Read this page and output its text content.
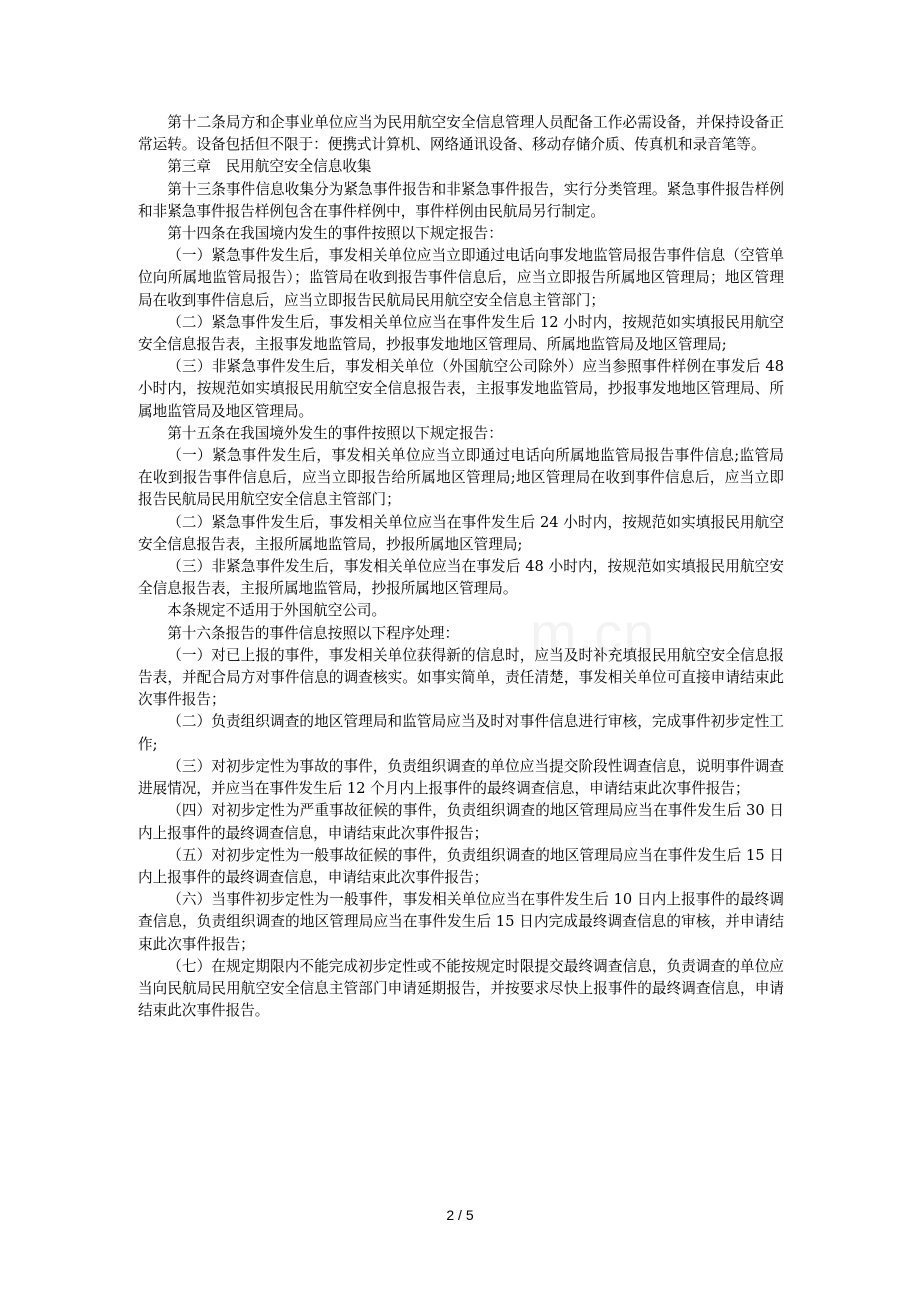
第十二条局方和企事业单位应当为民用航空安全信息管理人员配备工作必需设备，并保持设备正常运转。设备包括但不限于：便携式计算机、网络通讯设备、移动存储介质、传真机和录音笔等。

第三章　民用航空安全信息收集

第十三条事件信息收集分为紧急事件报告和非紧急事件报告，实行分类管理。紧急事件报告样例和非紧急事件报告样例包含在事件样例中，事件样例由民航局另行制定。

第十四条在我国境内发生的事件按照以下规定报告：

（一）紧急事件发生后，事发相关单位应当立即通过电话向事发地监管局报告事件信息（空管单位向所属地监管局报告）；监管局在收到报告事件信息后，应当立即报告所属地区管理局；地区管理局在收到事件信息后，应当立即报告民航局民用航空安全信息主管部门；

（二）紧急事件发生后，事发相关单位应当在事件发生后 12 小时内，按规范如实填报民用航空安全信息报告表，主报事发地监管局，抄报事发地地区管理局、所属地监管局及地区管理局;

（三）非紧急事件发生后，事发相关单位（外国航空公司除外）应当参照事件样例在事发后 48 小时内，按规范如实填报民用航空安全信息报告表，主报事发地监管局，抄报事发地地区管理局、所属地监管局及地区管理局。

第十五条在我国境外发生的事件按照以下规定报告：

（一）紧急事件发生后，事发相关单位应当立即通过电话向所属地监管局报告事件信息;监管局在收到报告事件信息后，应当立即报告给所属地区管理局;地区管理局在收到事件信息后，应当立即报告民航局民用航空安全信息主管部门；

（二）紧急事件发生后，事发相关单位应当在事件发生后 24 小时内，按规范如实填报民用航空安全信息报告表，主报所属地监管局，抄报所属地区管理局;

（三）非紧急事件发生后，事发相关单位应当在事发后 48 小时内，按规范如实填报民用航空安全信息报告表，主报所属地监管局，抄报所属地区管理局。

本条规定不适用于外国航空公司。

第十六条报告的事件信息按照以下程序处理：

（一）对已上报的事件，事发相关单位获得新的信息时，应当及时补充填报民用航空安全信息报告表，并配合局方对事件信息的调查核实。如事实简单，责任清楚，事发相关单位可直接申请结束此次事件报告；

（二）负责组织调查的地区管理局和监管局应当及时对事件信息进行审核，完成事件初步定性工作;

（三）对初步定性为事故的事件，负责组织调查的单位应当提交阶段性调查信息，说明事件调查进展情况，并应当在事件发生后 12 个月内上报事件的最终调查信息，申请结束此次事件报告；

（四）对初步定性为严重事故征候的事件，负责组织调查的地区管理局应当在事件发生后 30 日内上报事件的最终调查信息，申请结束此次事件报告；

（五）对初步定性为一般事故征候的事件，负责组织调查的地区管理局应当在事件发生后 15 日内上报事件的最终调查信息，申请结束此次事件报告；

（六）当事件初步定性为一般事件，事发相关单位应当在事件发生后 10 日内上报事件的最终调查信息，负责组织调查的地区管理局应当在事件发生后 15 日内完成最终调查信息的审核，并申请结束此次事件报告；

（七）在规定期限内不能完成初步定性或不能按规定时限提交最终调查信息，负责调查的单位应当向民航局民用航空安全信息主管部门申请延期报告，并按要求尽快上报事件的最终调查信息，申请结束此次事件报告。

2 / 5
